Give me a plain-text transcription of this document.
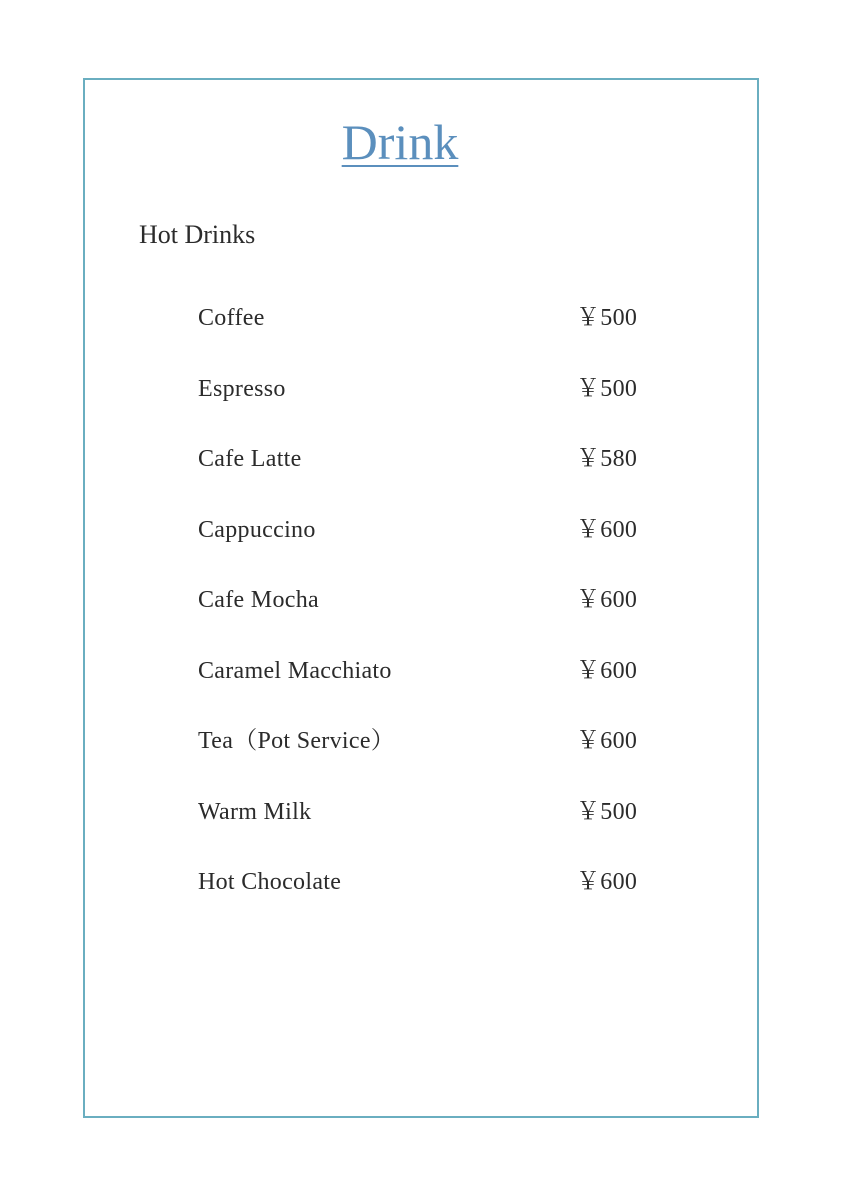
Drink
Hot Drinks
Coffee	￥500
Espresso	￥500
Cafe Latte	￥580
Cappuccino	￥600
Cafe Mocha	￥600
Caramel Macchiato	￥600
Tea（Pot Service）	￥600
Warm Milk	￥500
Hot Chocolate	￥600
